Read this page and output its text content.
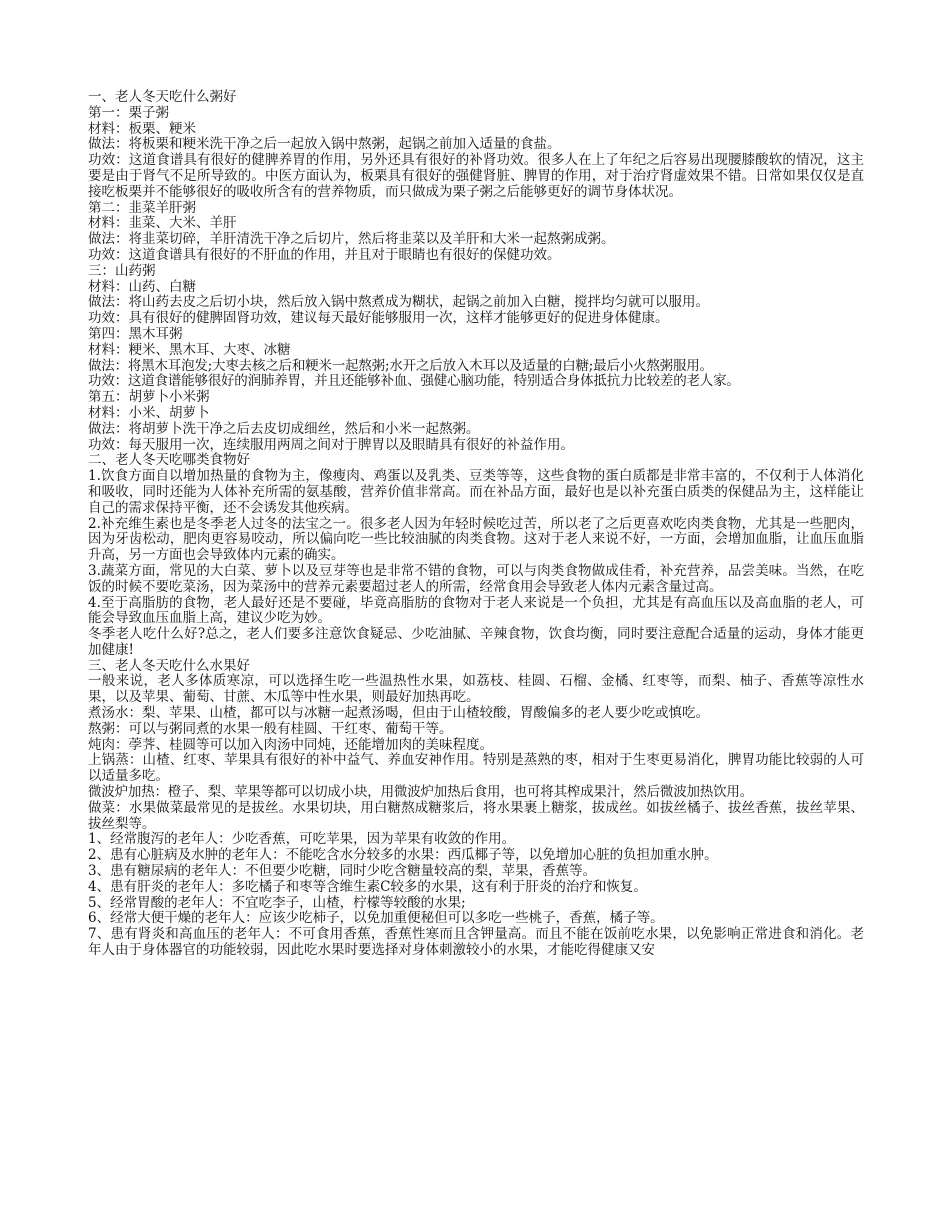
一、老人冬天吃什么粥好

第一：栗子粥

材料：板栗、粳米

做法：将板栗和粳米洗干净之后一起放入锅中熬粥，起锅之前加入适量的食盐。

功效：这道食谱具有很好的健脾养胃的作用，另外还具有很好的补肾功效。很多人在上了年纪之后容易出现腰膝酸软的情况，这主要是由于肾气不足所导致的。中医方面认为，板栗具有很好的强健肾脏、脾胃的作用，对于治疗肾虚效果不错。日常如果仅仅是直接吃板栗并不能够很好的吸收所含有的营养物质，而只做成为栗子粥之后能够更好的调节身体状况。

第二：韭菜羊肝粥

材料：韭菜、大米、羊肝

做法：将韭菜切碎，羊肝清洗干净之后切片，然后将韭菜以及羊肝和大米一起熬粥成粥。

功效：这道食谱具有很好的不肝血的作用，并且对于眼睛也有很好的保健功效。

三：山药粥

材料：山药、白糖

做法：将山药去皮之后切小块，然后放入锅中熬煮成为糊状，起锅之前加入白糖，搅拌均匀就可以服用。

功效：具有很好的健脾固肾功效，建议每天最好能够服用一次，这样才能够更好的促进身体健康。

第四：黑木耳粥

材料：粳米、黑木耳、大枣、冰糖

做法：将黑木耳泡发;大枣去核之后和粳米一起熬粥;水开之后放入木耳以及适量的白糖;最后小火熬粥服用。

功效：这道食谱能够很好的润肺养胃，并且还能够补血、强健心脑功能，特别适合身体抵抗力比较差的老人家。

第五：胡萝卜小米粥

材料：小米、胡萝卜

做法：将胡萝卜洗干净之后去皮切成细丝，然后和小米一起熬粥。

功效：每天服用一次，连续服用两周之间对于脾胃以及眼睛具有很好的补益作用。

二、老人冬天吃哪类食物好

1.饮食方面自以增加热量的食物为主，像瘦肉、鸡蛋以及乳类、豆类等等，这些食物的蛋白质都是非常丰富的，不仅利于人体消化和吸收，同时还能为人体补充所需的氨基酸，营养价值非常高。而在补品方面，最好也是以补充蛋白质类的保健品为主，这样能让自己的需求保持平衡，还不会诱发其他疾病。

2.补充维生素也是冬季老人过冬的法宝之一。很多老人因为年轻时候吃过苦，所以老了之后更喜欢吃肉类食物，尤其是一些肥肉，因为牙齿松动，肥肉更容易咬动，所以偏向吃一些比较油腻的肉类食物。这对于老人来说不好，一方面，会增加血脂，让血压血脂升高，另一方面也会导致体内元素的确实。

3.蔬菜方面，常见的大白菜、萝卜以及豆芽等也是非常不错的食物，可以与肉类食物做成佳肴，补充营养，品尝美味。当然，在吃饭的时候不要吃菜汤，因为菜汤中的营养元素要超过老人的所需，经常食用会导致老人体内元素含量过高。

4.至于高脂肪的食物，老人最好还是不要碰，毕竟高脂肪的食物对于老人来说是一个负担，尤其是有高血压以及高血脂的老人，可能会导致血压血脂上高，建议少吃为妙。

冬季老人吃什么好?总之，老人们要多注意饮食疑忌、少吃油腻、辛辣食物，饮食均衡，同时要注意配合适量的运动，身体才能更加健康!

三、老人冬天吃什么水果好

一般来说，老人多体质寒凉，可以选择生吃一些温热性水果，如荔枝、桂圆、石榴、金橘、红枣等，而梨、柚子、香蕉等凉性水果，以及苹果、葡萄、甘蔗、木瓜等中性水果，则最好加热再吃。

煮汤水：梨、苹果、山楂，都可以与冰糖一起煮汤喝，但由于山楂较酸，胃酸偏多的老人要少吃或慎吃。

熬粥：可以与粥同煮的水果一般有桂圆、干红枣、葡萄干等。

炖肉：荸荠、桂圆等可以加入肉汤中同炖，还能增加肉的美味程度。

上锅蒸：山楂、红枣、苹果具有很好的补中益气、养血安神作用。特别是蒸熟的枣，相对于生枣更易消化，脾胃功能比较弱的人可以适量多吃。

微波炉加热：橙子、梨、苹果等都可以切成小块，用微波炉加热后食用，也可将其榨成果汁，然后微波加热饮用。

做菜：水果做菜最常见的是拔丝。水果切块，用白糖熬成糖浆后，将水果裹上糖浆，拔成丝。如拔丝橘子、拔丝香蕉，拔丝苹果、拔丝梨等。

1、经常腹泻的老年人：少吃香蕉，可吃苹果，因为苹果有收敛的作用。

2、患有心脏病及水肿的老年人：不能吃含水分较多的水果：西瓜椰子等，以免增加心脏的负担加重水肿。

3、患有糖尿病的老年人：不但要少吃糖，同时少吃含糖量较高的梨，苹果，香蕉等。

4、患有肝炎的老年人：多吃橘子和枣等含维生素C较多的水果，这有利于肝炎的治疗和恢复。

5、经常胃酸的老年人：不宜吃李子，山楂，柠檬等较酸的水果;

6、经常大便干燥的老年人：应该少吃柿子，以免加重便秘但可以多吃一些桃子，香蕉，橘子等。

7、患有肾炎和高血压的老年人：不可食用香蕉，香蕉性寒而且含钾量高。而且不能在饭前吃水果，以免影响正常进食和消化。老年人由于身体器官的功能较弱，因此吃水果时要选择对身体刺激较小的水果，才能吃得健康又安
